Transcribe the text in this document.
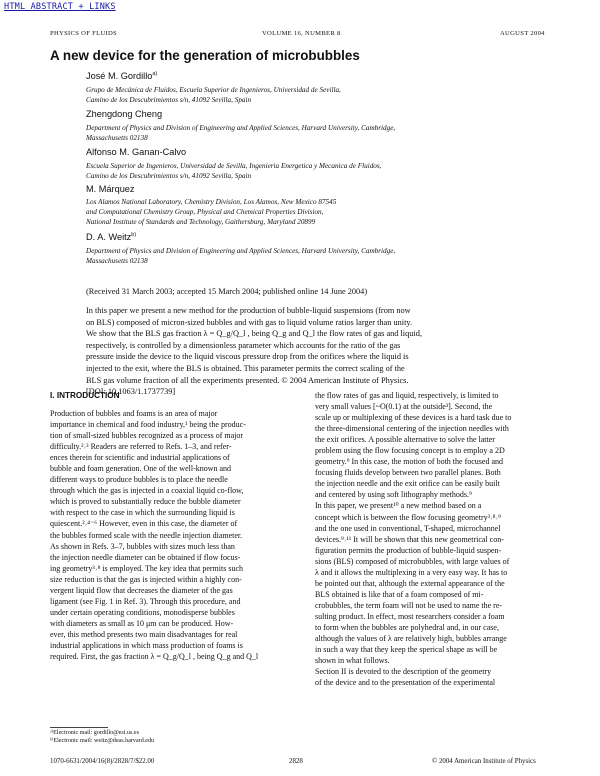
HTML ABSTRACT + LINKS
PHYSICS OF FLUIDS	VOLUME 16, NUMBER 8	AUGUST 2004
A new device for the generation of microbubbles
José M. Gordillo$^{a)}$
Grupo de Mecánica de Fluidos, Escuela Superior de Ingenieros, Universidad de Sevilla,
Camino de los Descubrimientos s/n, 41092 Sevilla, Spain
Zhengdong Cheng
Department of Physics and Division of Engineering and Applied Sciences, Harvard University, Cambridge,
Massachusetts 02138
Alfonso M. Ganan-Calvo
Escuela Superior de Ingenieros, Universidad de Sevilla, Ingenieria Energetica y Mecanica de Fluidos,
Camino de los Descubrimientos s/n, 41092 Sevilla, Spain
M. Márquez
Los Alamos National Laboratory, Chemistry Division, Los Alamos, New Mexico 87545
and Computational Chemistry Group, Physical and Chemical Properties Division,
National Institute of Standards and Technology, Gaithersburg, Maryland 20899
D. A. Weitz$^{b)}$
Department of Physics and Division of Engineering and Applied Sciences, Harvard University, Cambridge,
Massachusetts 02138
(Received 31 March 2003; accepted 15 March 2004; published online 14 June 2004)
In this paper we present a new method for the production of bubble-liquid suspensions (from now
on BLS) composed of micron-sized bubbles and with gas to liquid volume ratios larger than unity.
We show that the BLS gas fraction λ = Q_g/Q_l , being Q_g and Q_l the flow rates of gas and liquid,
respectively, is controlled by a dimensionless parameter which accounts for the ratio of the gas
pressure inside the device to the liquid viscous pressure drop from the orifices where the liquid is
injected to the exit, where the BLS is obtained. This parameter permits the correct scaling of the
BLS gas volume fraction of all the experiments presented. © 2004 American Institute of Physics.
[DOI: 10.1063/1.1737739]
I. INTRODUCTION
Production of bubbles and foams is an area of major
importance in chemical and food industry,¹ being the produc-
tion of small-sized bubbles recognized as a process of major
difficulty.²˒³ Readers are referred to Refs. 1–3, and refer-
ences therein for scientific and industrial applications of
bubble and foam generation. One of the well-known and
different ways to produce bubbles is to place the needle
through which the gas is injected in a coaxial liquid co-flow,
which is proved to substantially reduce the bubble diameter
with respect to the case in which the surrounding liquid is
quiescent.²˒⁴⁻⁶ However, even in this case, the diameter of
the bubbles formed scale with the needle injection diameter.
As shown in Refs. 3–7, bubbles with sizes much less than
the injection needle diameter can be obtained if flow focus-
ing geometry³˒⁸ is employed. The key idea that permits such
size reduction is that the gas is injected within a highly con-
vergent liquid flow that decreases the diameter of the gas
ligament (see Fig. 1 in Ref. 3). Through this procedure, and
under certain operating conditions, monodisperse bubbles
with diameters as small as 10 μm can be produced. How-
ever, this method presents two main disadvantages for real
industrial applications in which mass production of foams is
required. First, the gas fraction λ = Q_g/Q_l , being Q_g and Q_l
the flow rates of gas and liquid, respectively, is limited to
very small values [~O(0.1) at the outside³]. Second, the
scale up or multiplexing of these devices is a hard task due to
the three-dimensional centering of the injection needles with
the exit orifices. A possible alternative to solve the latter
problem using the flow focusing concept is to employ a 2D
geometry.⁹ In this case, the motion of both the focused and
focusing fluids develop between two parallel planes. Both
the injection needle and the exit orifice can be easily built
and centered by using soft lithography methods.⁹
In this paper, we present¹⁰ a new method based on a
concept which is between the flow focusing geometry³˒⁸˒⁹
and the one used in conventional, T-shaped, microchannel
devices.⁹˒¹¹ It will be shown that this new geometrical con-
figuration permits the production of bubble-liquid suspen-
sions (BLS) composed of microbubbles, with large values of
λ and it allows the multiplexing in a very easy way. It has to
be pointed out that, although the external appearance of the
BLS obtained is like that of a foam composed of mi-
crobubbles, the term foam will not be used to name the re-
sulting product. In effect, most researchers consider a foam
to form when the bubbles are polyhedral and, in our case,
although the values of λ are relatively high, bubbles arrange
in such a way that they keep the sperical shape as will be
shown in what follows.
Section II is devoted to the description of the geometry
of the device and to the presentation of the experimental
ᵃ⁾Electronic mail: gordillo@esi.us.es
ᵇ⁾Electronic mail: weitz@deas.harvard.edu
1070-6631/2004/16(8)/2828/7/$22.00	2828	© 2004 American Institute of Physics
